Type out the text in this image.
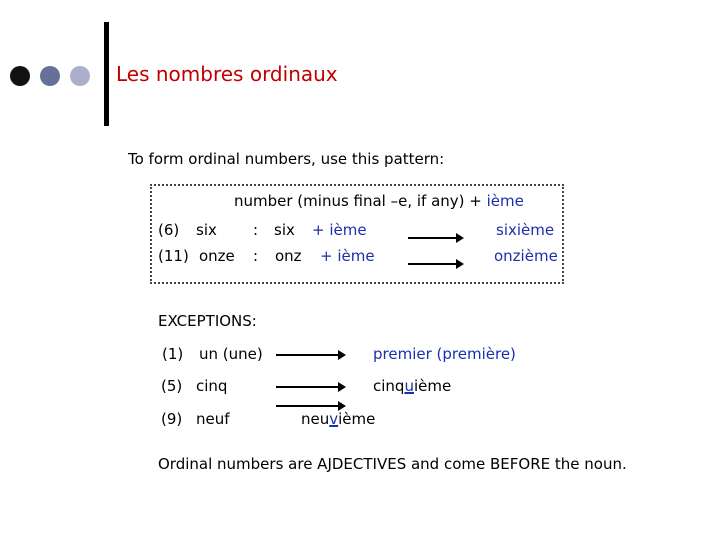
Les nombres ordinaux
To form ordinal numbers, use this pattern:
number (minus final –e, if any) + ième
(6) six : six + ième	sixième
(11) onze : onz + ième	onzième
EXCEPTIONS:
(1) un (une)	premier (première)
(5) cinq	cinquième
(9) neuf	neuvième
Ordinal numbers are AJDECTIVES and come BEFORE the noun.
